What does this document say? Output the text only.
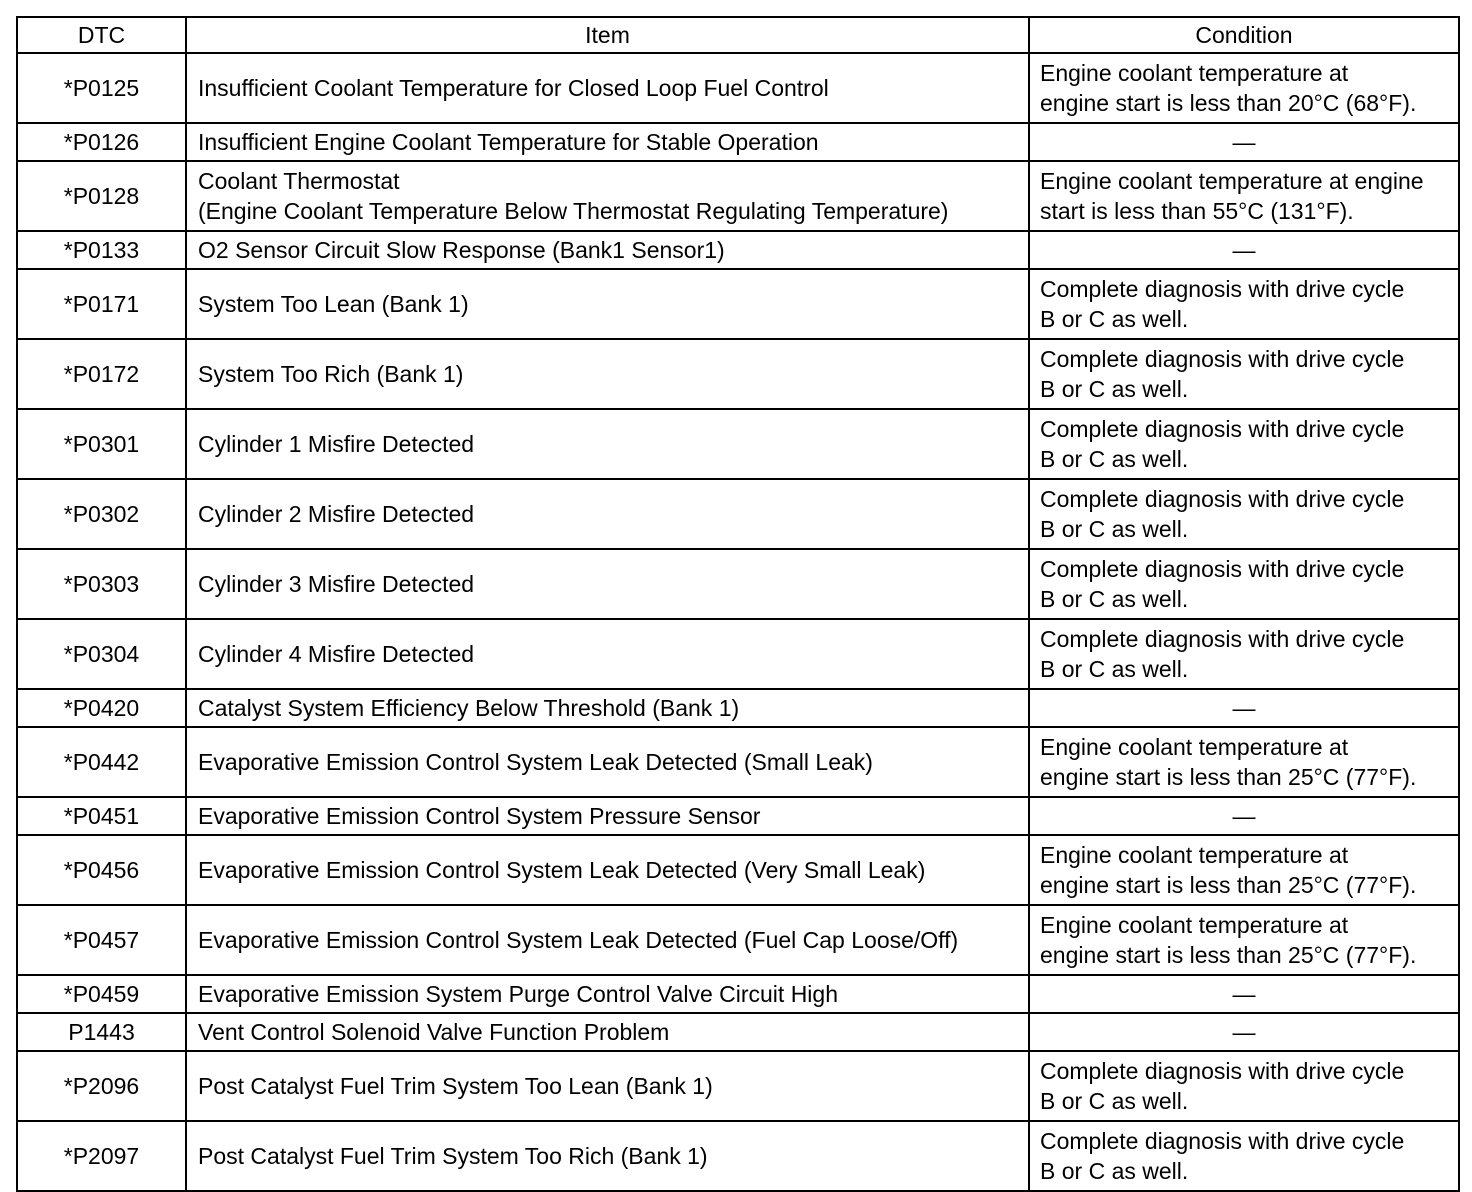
DTC	Item	Condition
*P0125	Insufficient Coolant Temperature for Closed Loop Fuel Control	Engine coolant temperature at
engine start is less than 20°C (68°F).

*P0126	Insufficient Engine Coolant Temperature for Stable Operation	—

*P0128	Coolant Thermostat
(Engine Coolant Temperature Below Thermostat Regulating Temperature)	Engine coolant temperature at engine
start is less than 55°C (131°F).

*P0133	O2 Sensor Circuit Slow Response (Bank1 Sensor1)	—

*P0171	System Too Lean (Bank 1)	Complete diagnosis with drive cycle
B or C as well.

*P0172	System Too Rich (Bank 1)	Complete diagnosis with drive cycle
B or C as well.

*P0301	Cylinder 1 Misfire Detected	Complete diagnosis with drive cycle
B or C as well.

*P0302	Cylinder 2 Misfire Detected	Complete diagnosis with drive cycle
B or C as well.

*P0303	Cylinder 3 Misfire Detected	Complete diagnosis with drive cycle
B or C as well.

*P0304	Cylinder 4 Misfire Detected	Complete diagnosis with drive cycle
B or C as well.

*P0420	Catalyst System Efficiency Below Threshold (Bank 1)	—

*P0442	Evaporative Emission Control System Leak Detected (Small Leak)	Engine coolant temperature at
engine start is less than 25°C (77°F).

*P0451	Evaporative Emission Control System Pressure Sensor	—

*P0456	Evaporative Emission Control System Leak Detected (Very Small Leak)	Engine coolant temperature at
engine start is less than 25°C (77°F).

*P0457	Evaporative Emission Control System Leak Detected (Fuel Cap Loose/Off)	Engine coolant temperature at
engine start is less than 25°C (77°F).

*P0459	Evaporative Emission System Purge Control Valve Circuit High	—

P1443	Vent Control Solenoid Valve Function Problem	—

*P2096	Post Catalyst Fuel Trim System Too Lean (Bank 1)	Complete diagnosis with drive cycle
B or C as well.

*P2097	Post Catalyst Fuel Trim System Too Rich (Bank 1)	Complete diagnosis with drive cycle
B or C as well.
